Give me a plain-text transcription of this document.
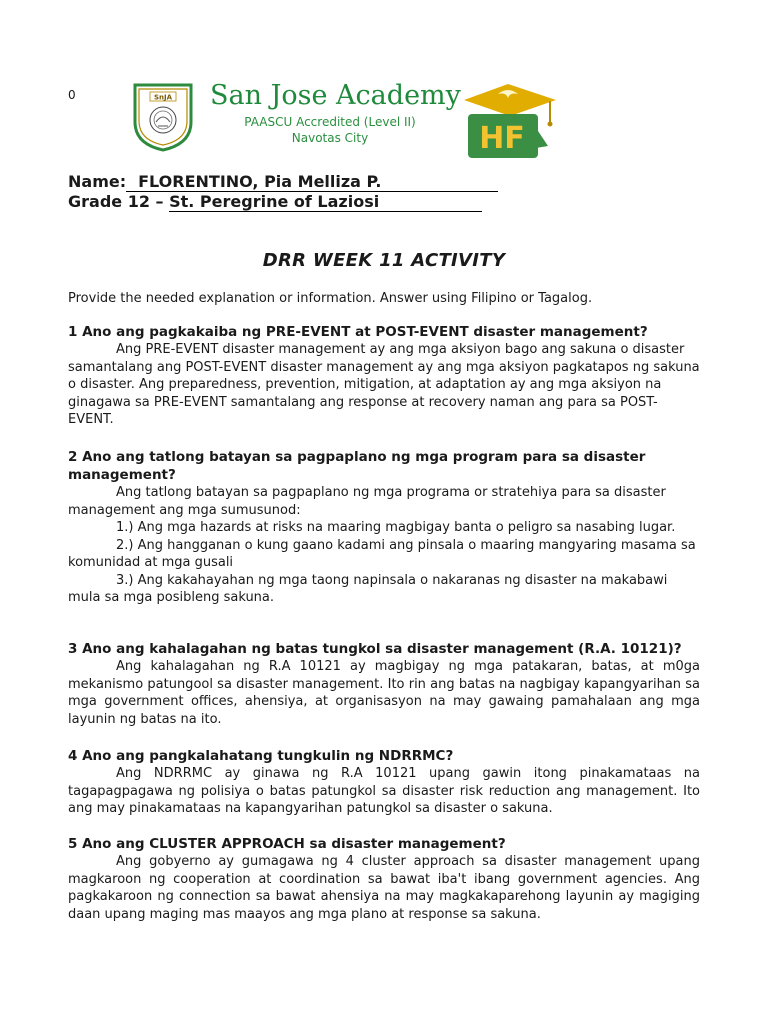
0	SnJA San Jose Academy
PAASCU Accredited (Level II)
Navotas City	HF
Name: FLORENTINO, Pia Melliza P.
Grade 12 – St. Peregrine of Laziosi
DRR WEEK 11 ACTIVITY
Provide the needed explanation or information. Answer using Filipino or Tagalog.

1 Ano ang pagkakaiba ng PRE-EVENT at POST-EVENT disaster management?

Ang PRE-EVENT disaster management ay ang mga aksiyon bago ang sakuna o disaster samantalang ang POST-EVENT disaster management ay ang mga aksiyon pagkatapos ng sakuna o disaster. Ang preparedness, prevention, mitigation, at adaptation ay ang mga aksiyon na ginagawa sa PRE-EVENT samantalang ang response at recovery naman ang para sa POST-EVENT.

2 Ano ang tatlong batayan sa pagpaplano ng mga program para sa disaster management?

Ang tatlong batayan sa pagpaplano ng mga programa or stratehiya para sa disaster management ang mga sumusunod:

1.) Ang mga hazards at risks na maaring magbigay banta o peligro sa nasabing lugar.

2.) Ang hangganan o kung gaano kadami ang pinsala o maaring mangyaring masama sa komunidad at mga gusali

3.) Ang kakahayahan ng mga taong napinsala o nakaranas ng disaster na makabawi mula sa mga posibleng sakuna.

3 Ano ang kahalagahan ng batas tungkol sa disaster management (R.A. 10121)?

Ang kahalagahan ng R.A 10121 ay magbigay ng mga patakaran, batas, at m0ga mekanismo patungool sa disaster management. Ito rin ang batas na nagbigay kapangyarihan sa mga government offices, ahensiya, at organisasyon na may gawaing pamahalaan ang mga layunin ng batas na ito.

4 Ano ang pangkalahatang tungkulin ng NDRRMC?

Ang NDRRMC ay ginawa ng R.A 10121 upang gawin itong pinakamataas na tagapagpagawa ng polisiya o batas patungkol sa disaster risk reduction ang management. Ito ang may pinakamataas na kapangyarihan patungkol sa disaster o sakuna.

5 Ano ang CLUSTER APPROACH sa disaster management?

Ang gobyerno ay gumagawa ng 4 cluster approach sa disaster management upang magkaroon ng cooperation at coordination sa bawat iba't ibang government agencies. Ang pagkakaroon ng connection sa bawat ahensiya na may magkakaparehong layunin ay magiging daan upang maging mas maayos ang mga plano at response sa sakuna.
